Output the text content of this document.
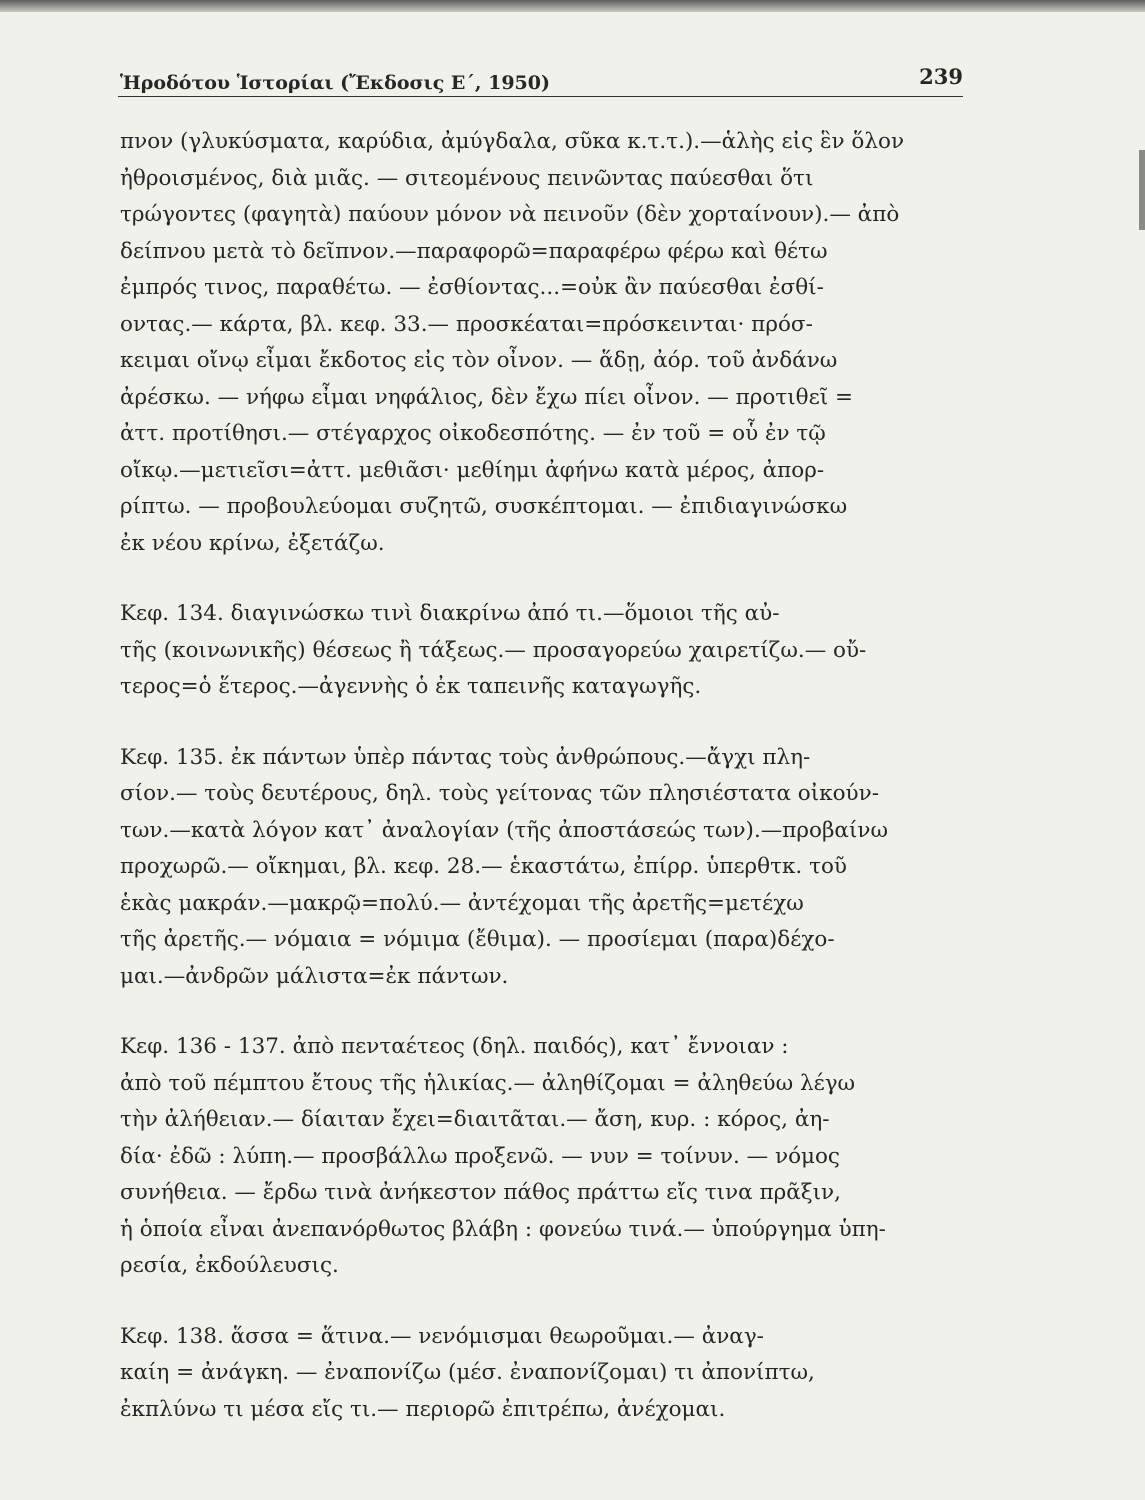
Ἡροδότου Ἱστορίαι (Ἔκδοσις Ε΄, 1950)	239

πνον (γλυκύσματα, καρύδια, ἀμύγδαλα, σῦκα κ.τ.τ.).—ἁλὴς εἰς ἓν ὅλον
ἠθροισμένος, διὰ μιᾶς. — σιτεομένους πεινῶντας παύεσθαι ὅτι
τρώγοντες (φαγητὰ) παύουν μόνον νὰ πεινοῦν (δὲν χορταίνουν).— ἀπὸ
δείπνου μετὰ τὸ δεῖπνον.—παραφορῶ=παραφέρω φέρω καὶ θέτω
ἐμπρός τινος, παραθέτω. — ἐσθίοντας...=οὐκ ἂν παύεσθαι ἐσθί-
οντας.— κάρτα, βλ. κεφ. 33.— προσκέαται=πρόσκεινται· πρόσ-
κειμαι οἴνῳ εἶμαι ἔκδοτος εἰς τὸν οἶνον. — ἅδῃ, ἀόρ. τοῦ ἀνδάνω
ἀρέσκω. — νήφω εἶμαι νηφάλιος, δὲν ἔχω πίει οἶνον. — προτιθεῖ =
ἀττ. προτίθησι.— στέγαρχος οἰκοδεσπότης. — ἐν τοῦ = οὗ ἐν τῷ
οἴκῳ.—μετιεῖσι=ἀττ. μεθιᾶσι· μεθίημι ἀφήνω κατὰ μέρος, ἀπορ-
ρίπτω. — προβουλεύομαι συζητῶ, συσκέπτομαι. — ἐπιδιαγινώσκω
ἐκ νέου κρίνω, ἐξετάζω.

Κεφ. 134. διαγινώσκω τινὶ διακρίνω ἀπό τι.—ὅμοιοι τῆς αὐ-
τῆς (κοινωνικῆς) θέσεως ἢ τάξεως.— προσαγορεύω χαιρετίζω.— οὔ-
τερος=ὁ ἕτερος.—ἀγεννὴς ὁ ἐκ ταπεινῆς καταγωγῆς.

Κεφ. 135. ἐκ πάντων ὑπὲρ πάντας τοὺς ἀνθρώπους.—ἄγχι πλη-
σίον.— τοὺς δευτέρους, δηλ. τοὺς γείτονας τῶν πλησιέστατα οἰκούν-
των.—κατὰ λόγον κατ᾽ ἀναλογίαν (τῆς ἀποστάσεώς των).—προβαίνω
προχωρῶ.— οἴκημαι, βλ. κεφ. 28.— ἑκαστάτω, ἐπίρρ. ὑπερθτκ. τοῦ
ἑκὰς μακράν.—μακρῷ=πολύ.— ἀντέχομαι τῆς ἀρετῆς=μετέχω
τῆς ἀρετῆς.— νόμαια = νόμιμα (ἔθιμα). — προσίεμαι (παρα)δέχο-
μαι.—ἀνδρῶν μάλιστα=ἐκ πάντων.

Κεφ. 136 - 137. ἀπὸ πενταέτεος (δηλ. παιδός), κατ᾽ ἔννοιαν :
ἀπὸ τοῦ πέμπτου ἔτους τῆς ἡλικίας.— ἀληθίζομαι = ἀληθεύω λέγω
τὴν ἀλήθειαν.— δίαιταν ἔχει=διαιτᾶται.— ἄση, κυρ. : κόρος, ἀη-
δία· ἐδῶ : λύπη.— προσβάλλω προξενῶ. — νυν = τοίνυν. — νόμος
συνήθεια. — ἔρδω τινὰ ἀνήκεστον πάθος πράττω εἴς τινα πρᾶξιν,
ἡ ὁποία εἶναι ἀνεπανόρθωτος βλάβη : φονεύω τινά.— ὑπούργημα ὑπη-
ρεσία, ἐκδούλευσις.

Κεφ. 138. ἅσσα = ἅτινα.— νενόμισμαι θεωροῦμαι.— ἀναγ-
καίη = ἀνάγκη. — ἐναπονίζω (μέσ. ἐναπονίζομαι) τι ἀπονίπτω,
ἐκπλύνω τι μέσα εἴς τι.— περιορῶ ἐπιτρέπω, ἀνέχομαι.
